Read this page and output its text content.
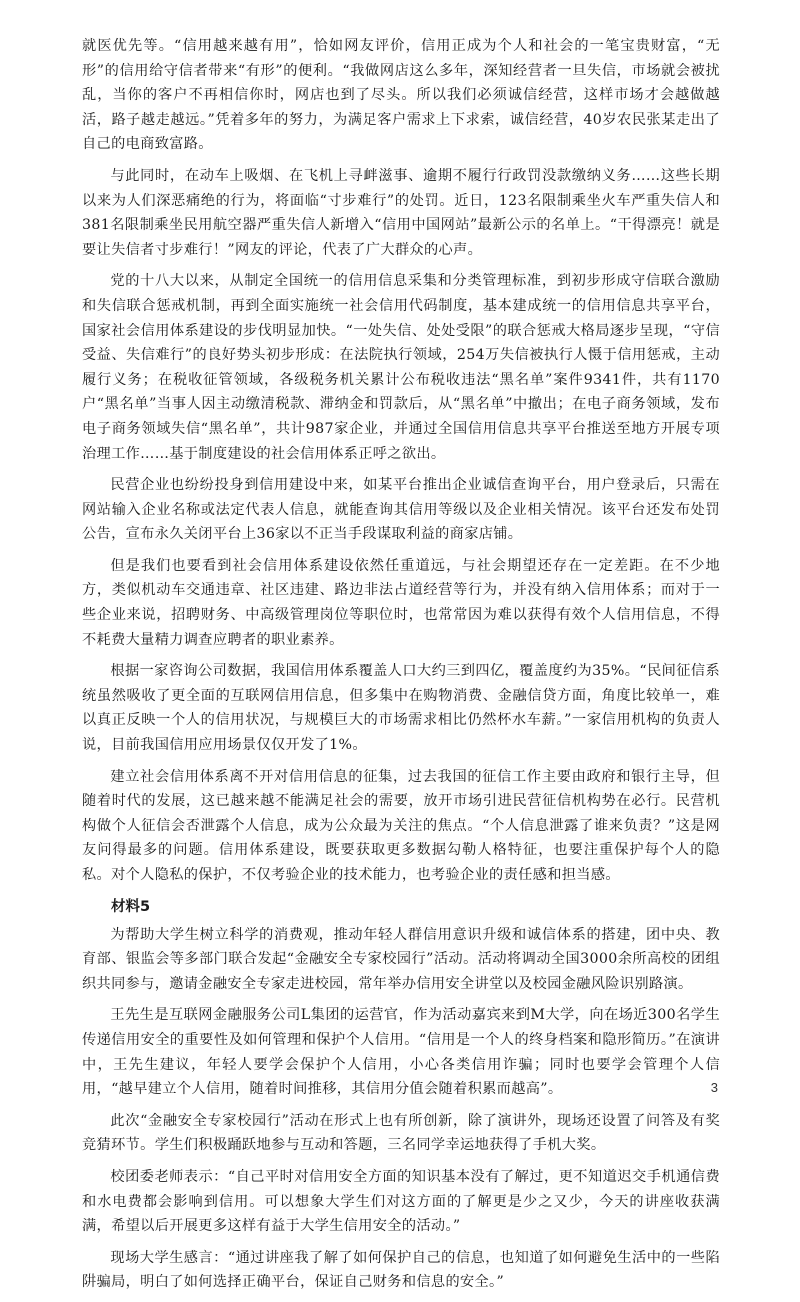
就医优先等。“信用越来越有用”，恰如网友评价，信用正成为个人和社会的一笔宝贵财富，“无形”的信用给守信者带来“有形”的便利。“我做网店这么多年，深知经营者一旦失信，市场就会被扰乱，当你的客户不再相信你时，网店也到了尽头。所以我们必须诚信经营，这样市场才会越做越活，路子越走越远。”凭着多年的努力，为满足客户需求上下求索，诚信经营，40岁农民张某走出了自己的电商致富路。

与此同时，在动车上吸烟、在飞机上寻衅滋事、逾期不履行行政罚没款缴纳义务……这些长期以来为人们深恶痛绝的行为，将面临“寸步难行”的处罚。近日，123名限制乘坐火车严重失信人和381名限制乘坐民用航空器严重失信人新增入“信用中国网站”最新公示的名单上。“干得漂亮！就是要让失信者寸步难行！”网友的评论，代表了广大群众的心声。

党的十八大以来，从制定全国统一的信用信息采集和分类管理标准，到初步形成守信联合激励和失信联合惩戒机制，再到全面实施统一社会信用代码制度，基本建成统一的信用信息共享平台，国家社会信用体系建设的步伐明显加快。“一处失信、处处受限”的联合惩戒大格局逐步呈现，“守信受益、失信难行”的良好势头初步形成：在法院执行领域，254万失信被执行人慑于信用惩戒，主动履行义务；在税收征管领域，各级税务机关累计公布税收违法“黑名单”案件9341件，共有1170户“黑名单”当事人因主动缴清税款、滞纳金和罚款后，从“黑名单”中撤出；在电子商务领域，发布电子商务领域失信“黑名单”，共计987家企业，并通过全国信用信息共享平台推送至地方开展专项治理工作……基于制度建设的社会信用体系正呼之欲出。

民营企业也纷纷投身到信用建设中来，如某平台推出企业诚信查询平台，用户登录后，只需在网站输入企业名称或法定代表人信息，就能查询其信用等级以及企业相关情况。该平台还发布处罚公告，宣布永久关闭平台上36家以不正当手段谋取利益的商家店铺。

但是我们也要看到社会信用体系建设依然任重道远，与社会期望还存在一定差距。在不少地方，类似机动车交通违章、社区违建、路边非法占道经营等行为，并没有纳入信用体系；而对于一些企业来说，招聘财务、中高级管理岗位等职位时，也常常因为难以获得有效个人信用信息，不得不耗费大量精力调查应聘者的职业素养。

根据一家咨询公司数据，我国信用体系覆盖人口大约三到四亿，覆盖度约为35%。“民间征信系统虽然吸收了更全面的互联网信用信息，但多集中在购物消费、金融信贷方面，角度比较单一，难以真正反映一个人的信用状况，与规模巨大的市场需求相比仍然杯水车薪。”一家信用机构的负责人说，目前我国信用应用场景仅仅开发了1%。

建立社会信用体系离不开对信用信息的征集，过去我国的征信工作主要由政府和银行主导，但随着时代的发展，这已越来越不能满足社会的需要，放开市场引进民营征信机构势在必行。民营机构做个人征信会否泄露个人信息，成为公众最为关注的焦点。“个人信息泄露了谁来负责？”这是网友问得最多的问题。信用体系建设，既要获取更多数据勾勒人格特征，也要注重保护每个人的隐私。对个人隐私的保护，不仅考验企业的技术能力，也考验企业的责任感和担当感。

材料5

为帮助大学生树立科学的消费观，推动年轻人群信用意识升级和诚信体系的搭建，团中央、教育部、银监会等多部门联合发起“金融安全专家校园行”活动。活动将调动全国3000余所高校的团组织共同参与，邀请金融安全专家走进校园，常年举办信用安全讲堂以及校园金融风险识别路演。

王先生是互联网金融服务公司L集团的运营官，作为活动嘉宾来到M大学，向在场近300名学生传递信用安全的重要性及如何管理和保护个人信用。“信用是一个人的终身档案和隐形简历。”在演讲中，王先生建议，年轻人要学会保护个人信用，小心各类信用诈骗；同时也要学会管理个人信用，“越早建立个人信用，随着时间推移，其信用分值会随着积累而越高”。

此次“金融安全专家校园行”活动在形式上也有所创新，除了演讲外，现场还设置了问答及有奖竞猜环节。学生们积极踊跃地参与互动和答题，三名同学幸运地获得了手机大奖。

校团委老师表示：“自己平时对信用安全方面的知识基本没有了解过，更不知道迟交手机通信费和水电费都会影响到信用。可以想象大学生们对这方面的了解更是少之又少，今天的讲座收获满满，希望以后开展更多这样有益于大学生信用安全的活动。”

现场大学生感言：“通过讲座我了解了如何保护自己的信息，也知道了如何避免生活中的一些陷阱骗局，明白了如何选择正确平台，保证自己财务和信息的安全。”

3
